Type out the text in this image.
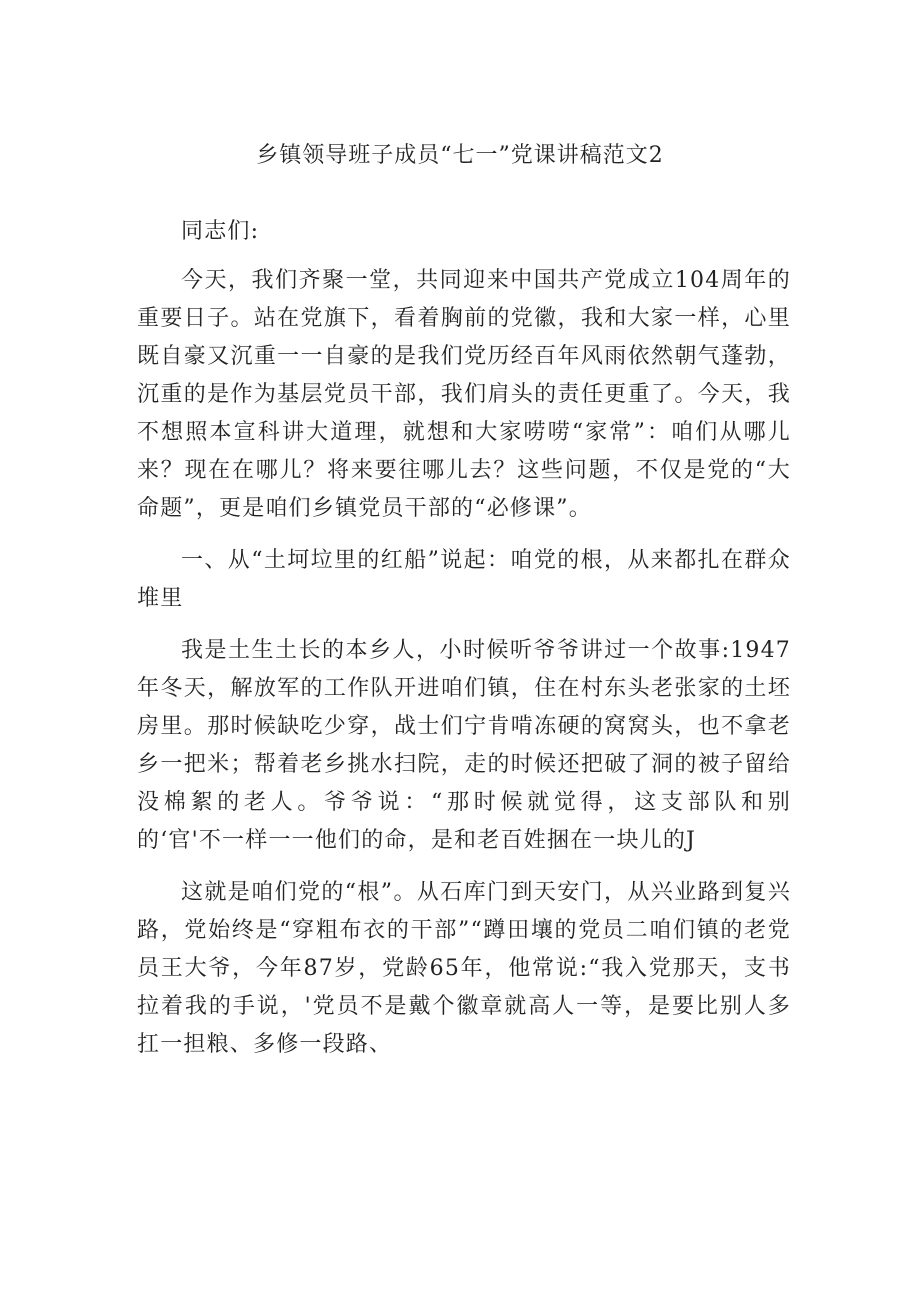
乡镇领导班子成员“七一”党课讲稿范文2

同志们:

今天，我们齐聚一堂，共同迎来中国共产党成立104周年的重要日子。站在党旗下，看着胸前的党徽，我和大家一样，心里既自豪又沉重一一自豪的是我们党历经百年风雨依然朝气蓬勃，沉重的是作为基层党员干部，我们肩头的责任更重了。今天，我不想照本宣科讲大道理，就想和大家唠唠“家常”：咱们从哪儿来？现在在哪儿？将来要往哪儿去？这些问题，不仅是党的“大命题”，更是咱们乡镇党员干部的“必修课”。

一、从“土坷垃里的红船”说起：咱党的根，从来都扎在群众堆里

我是土生土长的本乡人，小时候听爷爷讲过一个故事:1947年冬天，解放军的工作队开进咱们镇，住在村东头老张家的土坯房里。那时候缺吃少穿，战士们宁肯啃冻硬的窝窝头，也不拿老乡一把米；帮着老乡挑水扫院，走的时候还把破了洞的被子留给没棉絮的老人。爷爷说：“那时候就觉得，这支部队和别的‘官'不一样一一他们的命，是和老百姓捆在一块儿的J

这就是咱们党的“根”。从石库门到天安门，从兴业路到复兴路，党始终是“穿粗布衣的干部”“蹲田壤的党员二咱们镇的老党员王大爷，今年87岁，党龄65年，他常说:“我入党那天，支书拉着我的手说，'党员不是戴个徽章就高人一等，是要比别人多扛一担粮、多修一段路、
